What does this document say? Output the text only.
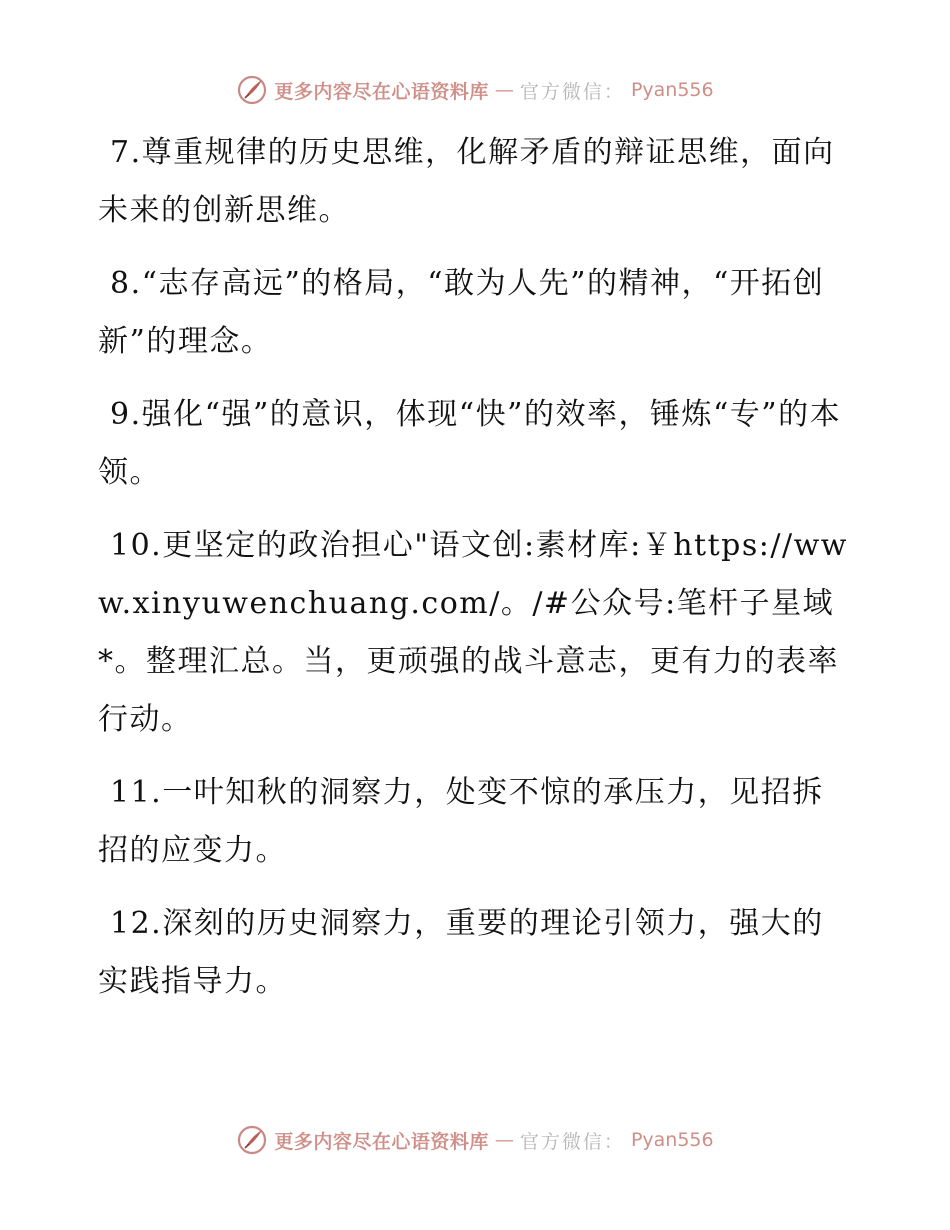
更多内容尽在心语资料库 — 官方微信： Pyan556

7.尊重规律的历史思维，化解矛盾的辩证思维，面向未来的创新思维。

8.“志存高远”的格局，“敢为人先”的精神，“开拓创新”的理念。

9.强化“强”的意识，体现“快”的效率，锤炼“专”的本领。

10.更坚定的政治担心"语文创:素材库:￥https://www.xinyuwenchuang.com/。/#公众号:笔杆子星域*。整理汇总。当，更顽强的战斗意志，更有力的表率行动。

11.一叶知秋的洞察力，处变不惊的承压力，见招拆招的应变力。

12.深刻的历史洞察力，重要的理论引领力，强大的实践指导力。

更多内容尽在心语资料库 — 官方微信： Pyan556
